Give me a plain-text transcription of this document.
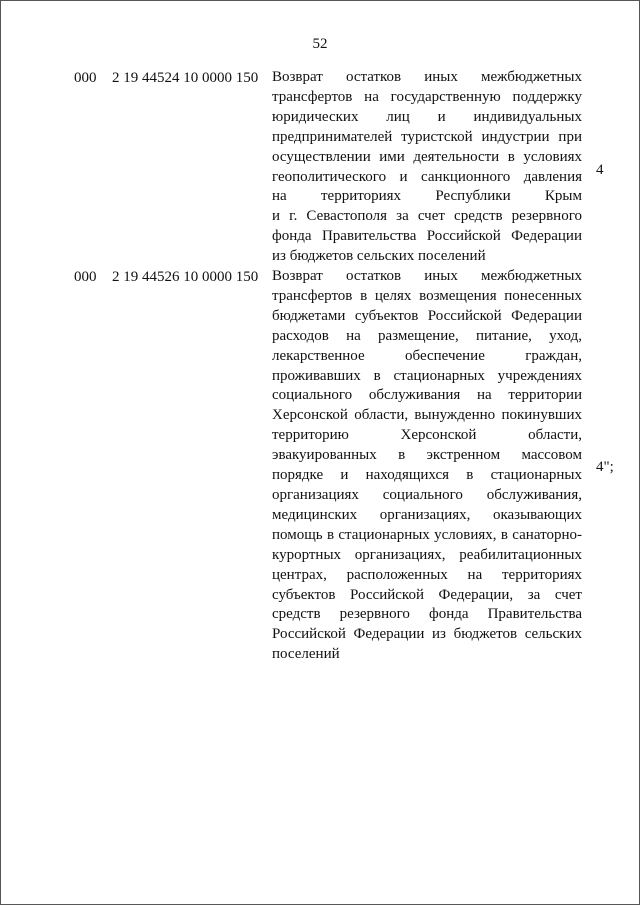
52
000 2 19 44524 10 0000 150 Возврат остатков иных межбюджетных
трансфертов на государственную поддержку
юридических лиц и индивидуальных
предпринимателей туристской индустрии при
осуществлении ими деятельности в условиях
геополитического и санкционного давления
на территориях Республики Крым
и г. Севастополя за счет средств резервного
фонда Правительства Российской Федерации
из бюджетов сельских поселений
4
000 2 19 44526 10 0000 150 Возврат остатков иных межбюджетных
трансфертов в целях возмещения понесенных
бюджетами субъектов Российской Федерации
расходов на размещение, питание, уход,
лекарственное обеспечение граждан,
проживавших в стационарных учреждениях
социального обслуживания на территории
Херсонской области, вынужденно покинувших
территорию Херсонской области,
эвакуированных в экстренном массовом
порядке и находящихся в стационарных
организациях социального обслуживания,
медицинских организациях, оказывающих
помощь в стационарных условиях, в санаторно-
курортных организациях, реабилитационных
центрах, расположенных на территориях
субъектов Российской Федерации, за счет
средств резервного фонда Правительства
Российской Федерации из бюджетов сельских
поселений
4";
